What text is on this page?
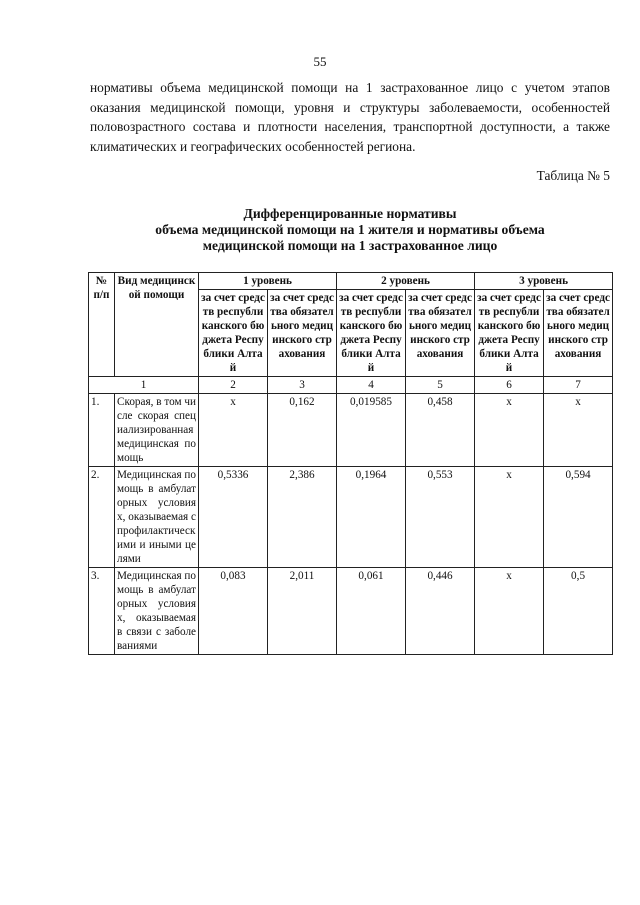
55
нормативы объема медицинской помощи на 1 застрахованное лицо с учетом этапов оказания медицинской помощи, уровня и структуры заболеваемости, особенностей половозрастного состава и плотности населения, транспортной доступности, а также климатических и географических особенностей региона.
Таблица № 5
Дифференцированные нормативы
объема медицинской помощи на 1 жителя и нормативы объема
медицинской помощи на 1 застрахованное лицо
№ п/п	Вид медицинской помощи	1 уровень		2 уровень		3 уровень	
		за счет средств республиканского бюджета Республики Алтай	за счет средства обязательного медицинского страхования	за счет средств республиканского бюджета Республики Алтай	за счет средства обязательного медицинского страхования	за счет средств республиканского бюджета Республики Алтай	за счет средства обязательного медицинского страхования
1		2	3	4	5	6	7
1.	Скорая, в том числе скорая специализированная медицинская помощь	х	0,162	0,019585	0,458	х	х
2.	Медицинская помощь в амбулаторных условиях, оказываемая с профилактическими и иными целями	0,5336	2,386	0,1964	0,553	х	0,594
3.	Медицинская помощь в амбулаторных условиях, оказываемая в связи с заболеваниями	0,083	2,011	0,061	0,446	х	0,5
